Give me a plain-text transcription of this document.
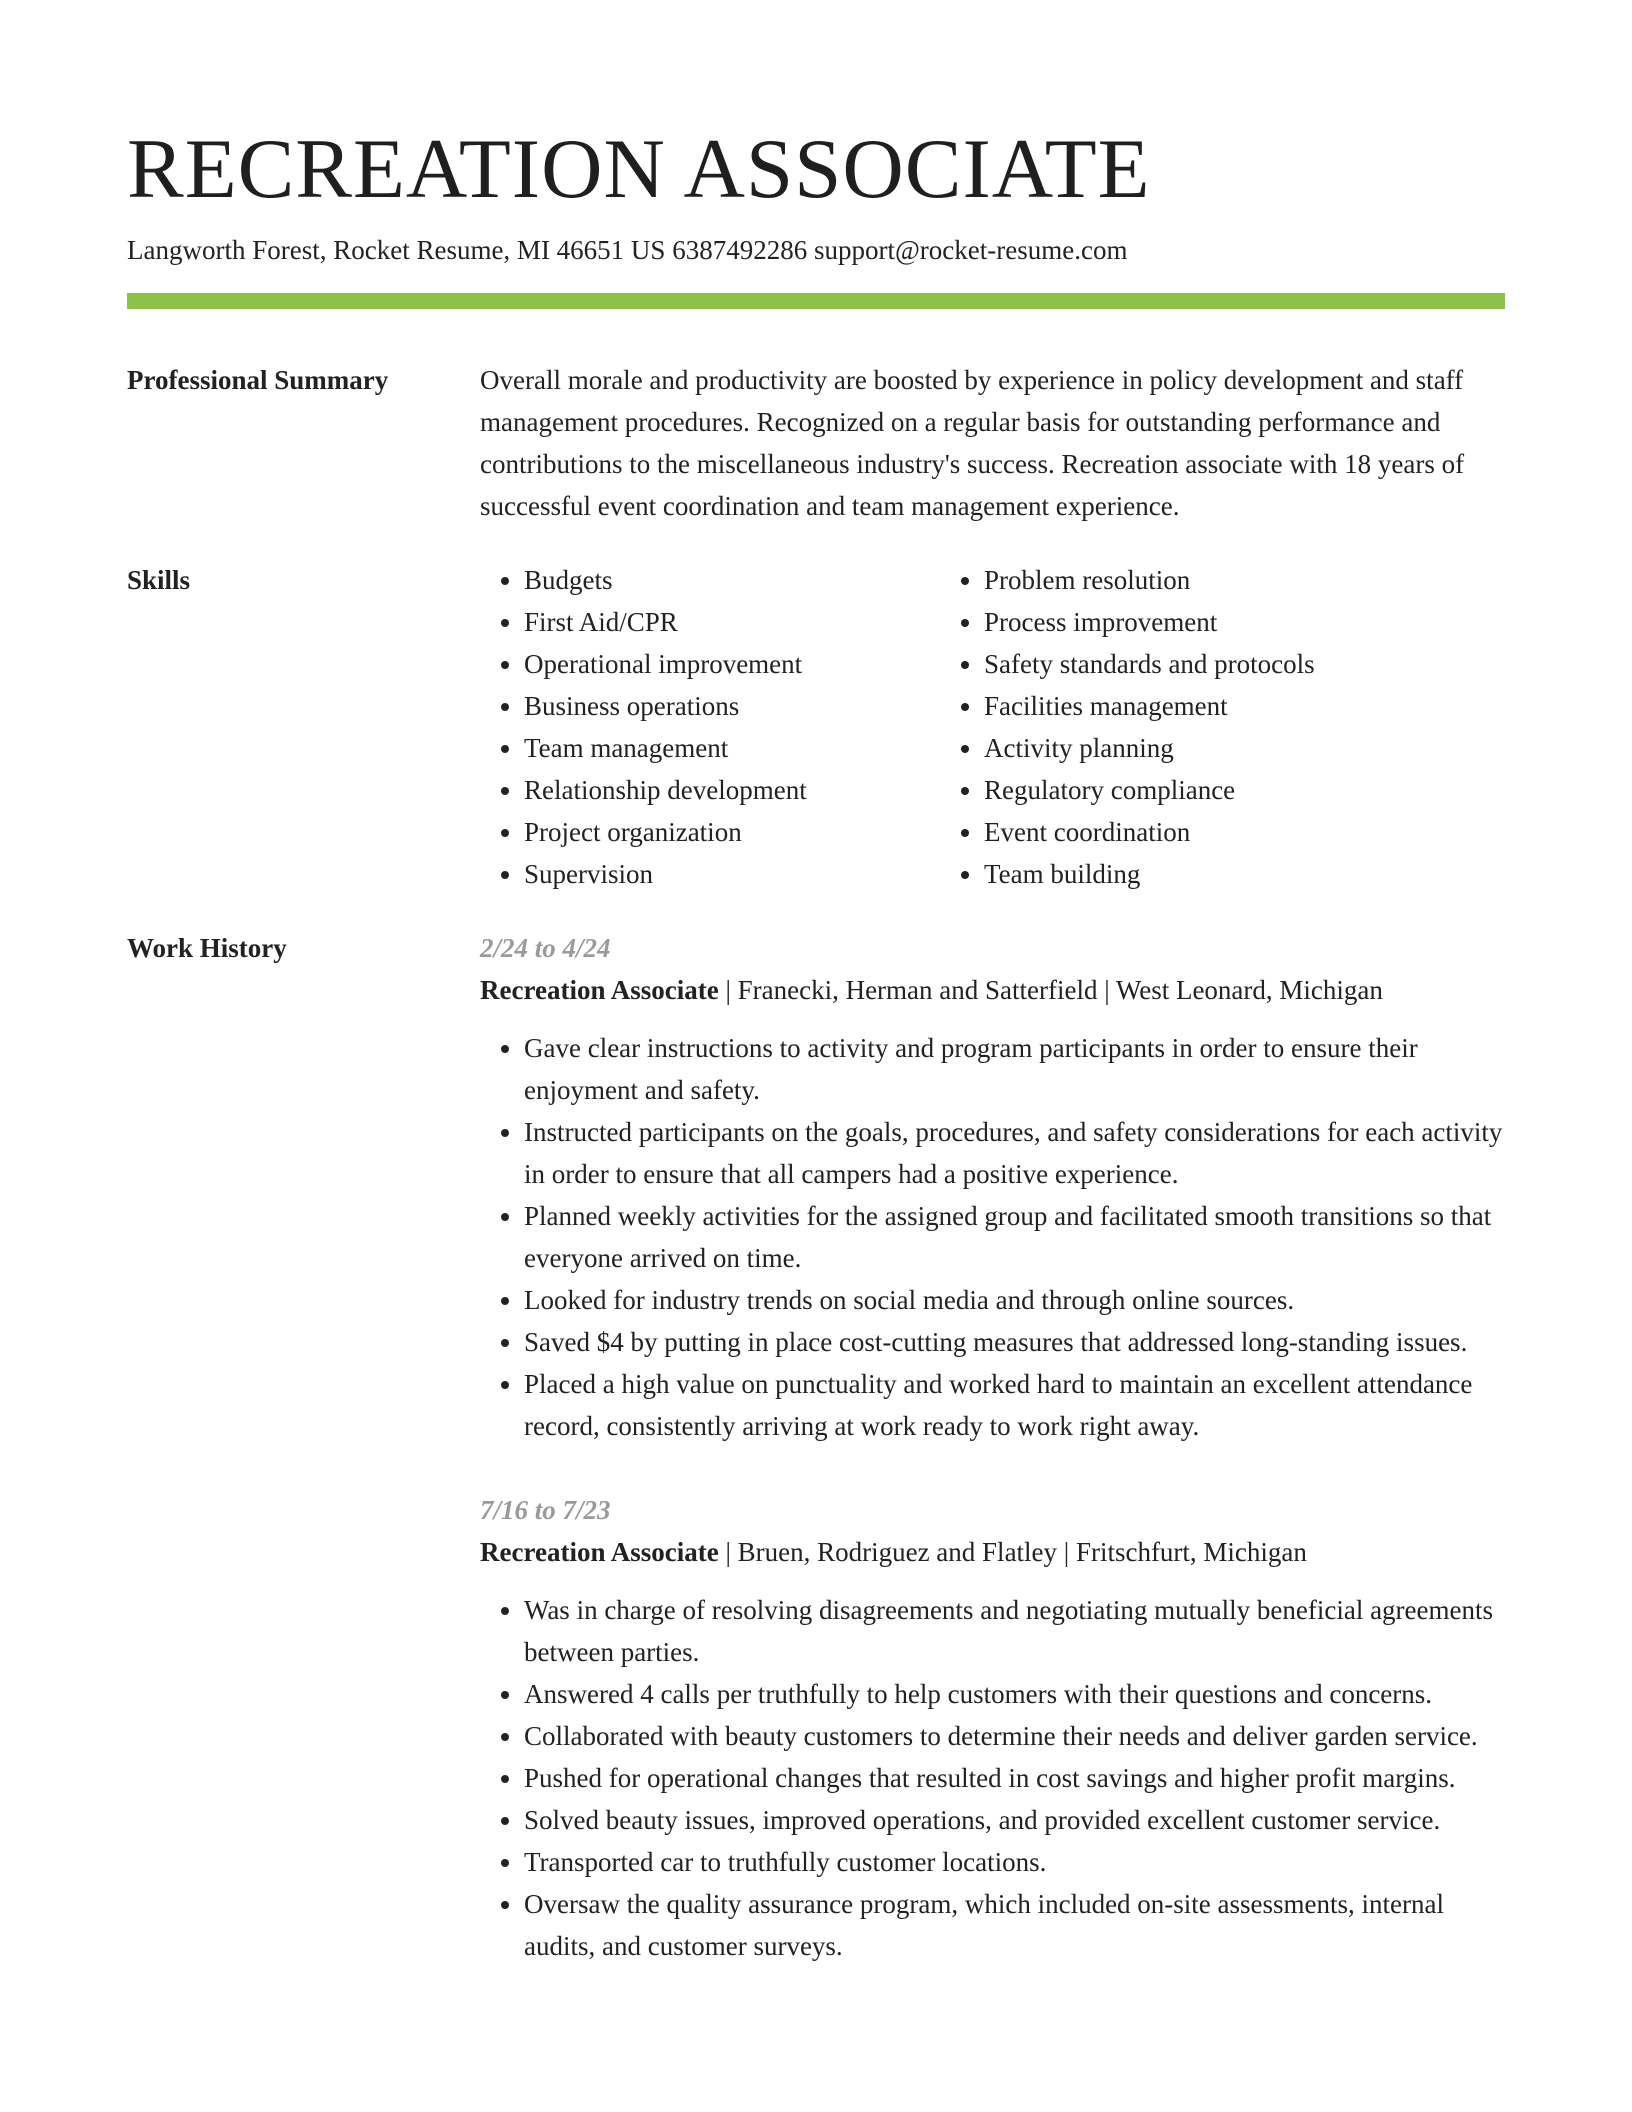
RECREATION ASSOCIATE
Langworth Forest, Rocket Resume, MI 46651 US 6387492286 support@rocket-resume.com
Professional Summary	Overall morale and productivity are boosted by experience in policy development and staff management procedures. Recognized on a regular basis for outstanding performance and contributions to the miscellaneous industry's success. Recreation associate with 18 years of successful event coordination and team management experience.

Skills
•	Budgets
• First Aid/CPR
• Operational improvement
• Business operations
• Team management
• Relationship development
• Project organization
• Supervision
• Problem resolution
• Process improvement
• Safety standards and protocols
• Facilities management
• Activity planning
• Regulatory compliance
• Event coordination
• Team building
Work History	2/24 to 4/24
Recreation Associate | Franecki, Herman and Satterfield | West Leonard, Michigan
• Gave clear instructions to activity and program participants in order to ensure their enjoyment and safety.
• Instructed participants on the goals, procedures, and safety considerations for each activity in order to ensure that all campers had a positive experience.
• Planned weekly activities for the assigned group and facilitated smooth transitions so that everyone arrived on time.
• Looked for industry trends on social media and through online sources.
• Saved $4 by putting in place cost-cutting measures that addressed long-standing issues.
• Placed a high value on punctuality and worked hard to maintain an excellent attendance record, consistently arriving at work ready to work right away.
7/16 to 7/23
Recreation Associate | Bruen, Rodriguez and Flatley | Fritschfurt, Michigan
• Was in charge of resolving disagreements and negotiating mutually beneficial agreements between parties.
• Answered 4 calls per truthfully to help customers with their questions and concerns.
• Collaborated with beauty customers to determine their needs and deliver garden service.
• Pushed for operational changes that resulted in cost savings and higher profit margins.
• Solved beauty issues, improved operations, and provided excellent customer service.
• Transported car to truthfully customer locations.
• Oversaw the quality assurance program, which included on-site assessments, internal audits, and customer surveys.
